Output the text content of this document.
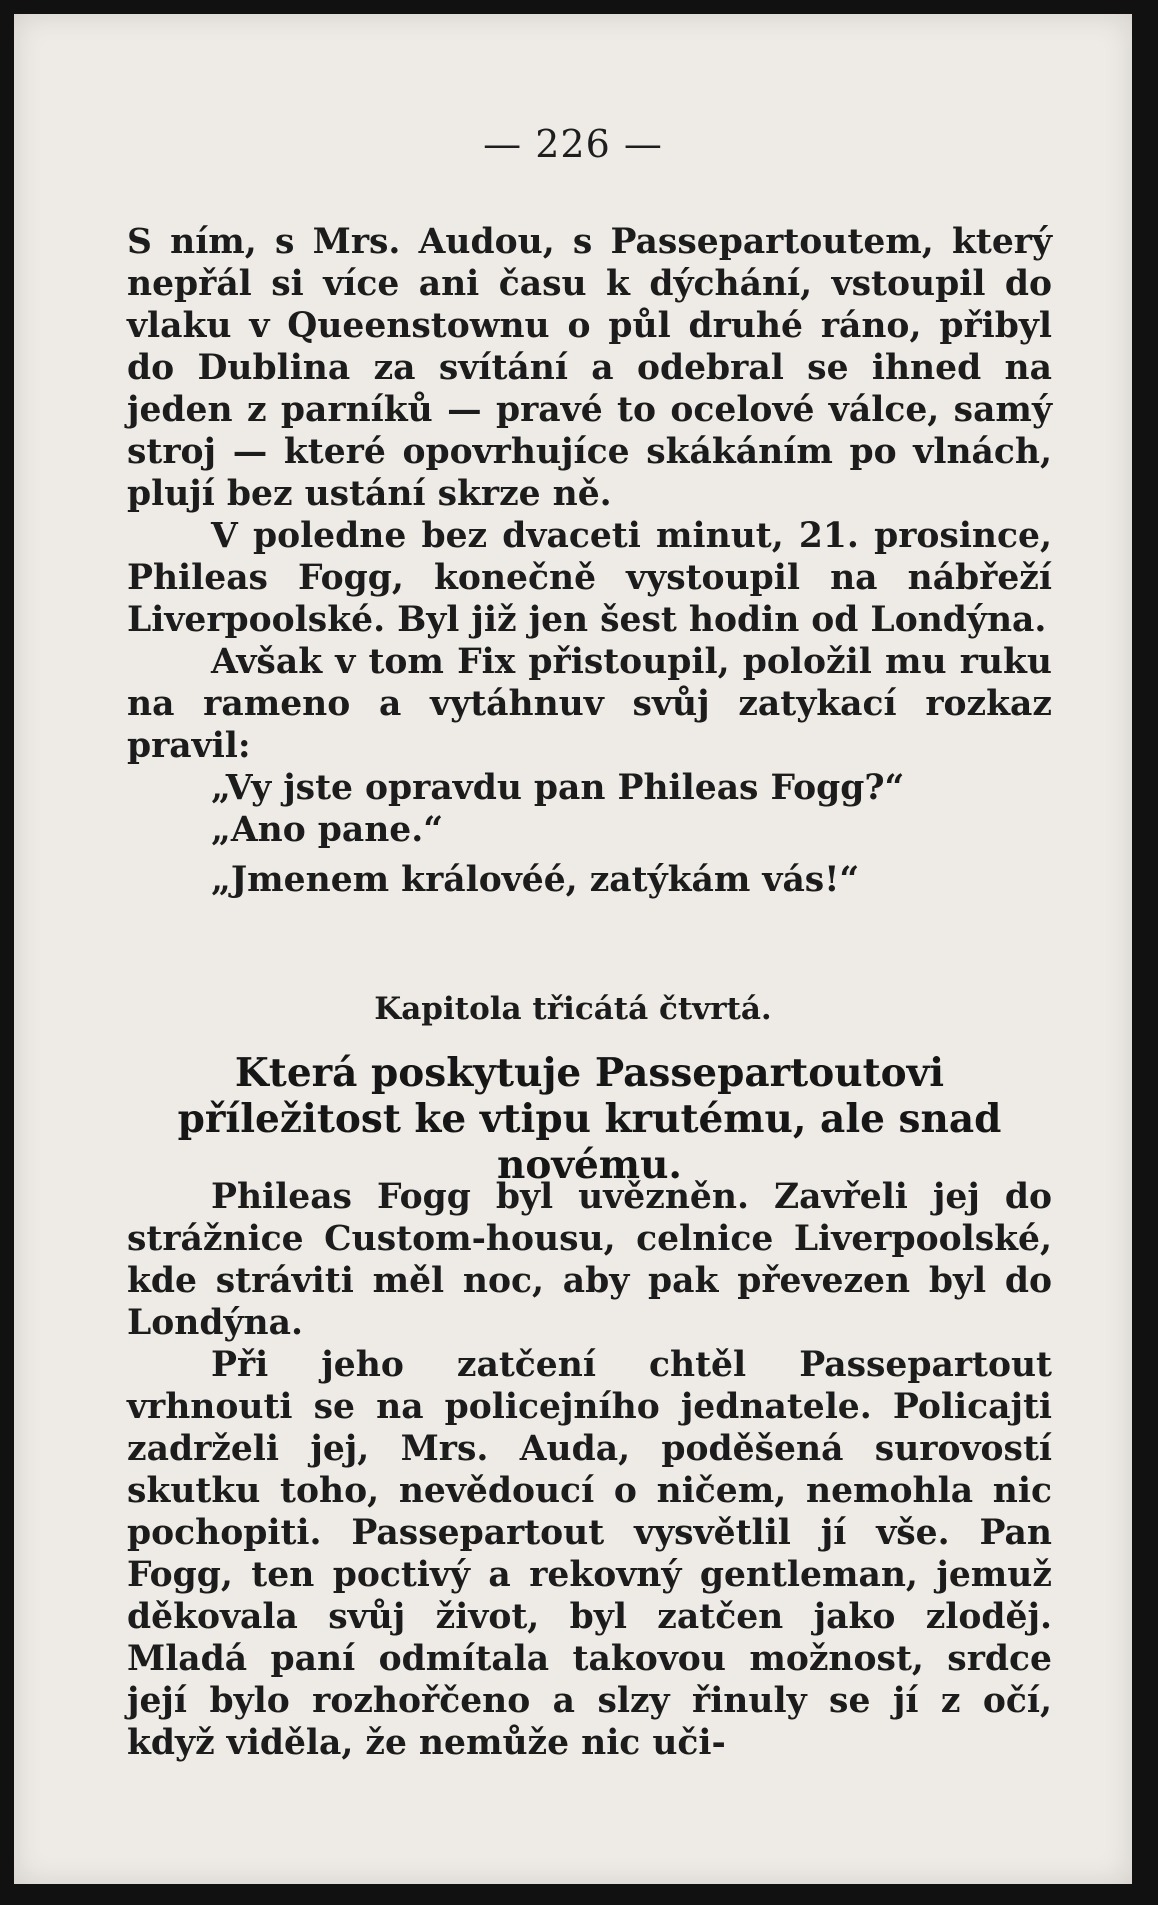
— 226 —

S ním, s Mrs. Audou, s Passepartoutem, který nepřál si více ani času k dýchání, vstoupil do vlaku v Queenstownu o půl druhé ráno, přibyl do Dublina za svítání a odebral se ihned na jeden z parníků — pravé to ocelové válce, samý stroj — které opovrhujíce skákáním po vlnách, plují bez ustání skrze ně.

V poledne bez dvaceti minut, 21. prosince, Phileas Fogg, konečně vystoupil na nábřeží Liverpoolské. Byl již jen šest hodin od Londýna.

Avšak v tom Fix přistoupil, položil mu ruku na rameno a vytáhnuv svůj zatykací rozkaz pravil:

„Vy jste opravdu pan Phileas Fogg?“

„Ano pane.“

„Jmenem královéé, zatýkám vás!“

Kapitola třicátá čtvrtá.
Která poskytuje Passepartoutovi příležitost ke vtipu krutému, ale snad novému.

Phileas Fogg byl uvězněn. Zavřeli jej do strážnice Custom-housu, celnice Liverpoolské, kde stráviti měl noc, aby pak převezen byl do Londýna.

Při jeho zatčení chtěl Passepartout vrhnouti se na policejního jednatele. Policajti zadrželi jej, Mrs. Auda, poděšená surovostí skutku toho, nevědoucí o ničem, nemohla nic pochopiti. Passepartout vysvětlil jí vše. Pan Fogg, ten poctivý a rekovný gentleman, jemuž děkovala svůj život, byl zatčen jako zloděj. Mladá paní odmítala takovou možnost, srdce její bylo rozhořčeno a slzy řinuly se jí z očí, když viděla, že nemůže nic uči-
